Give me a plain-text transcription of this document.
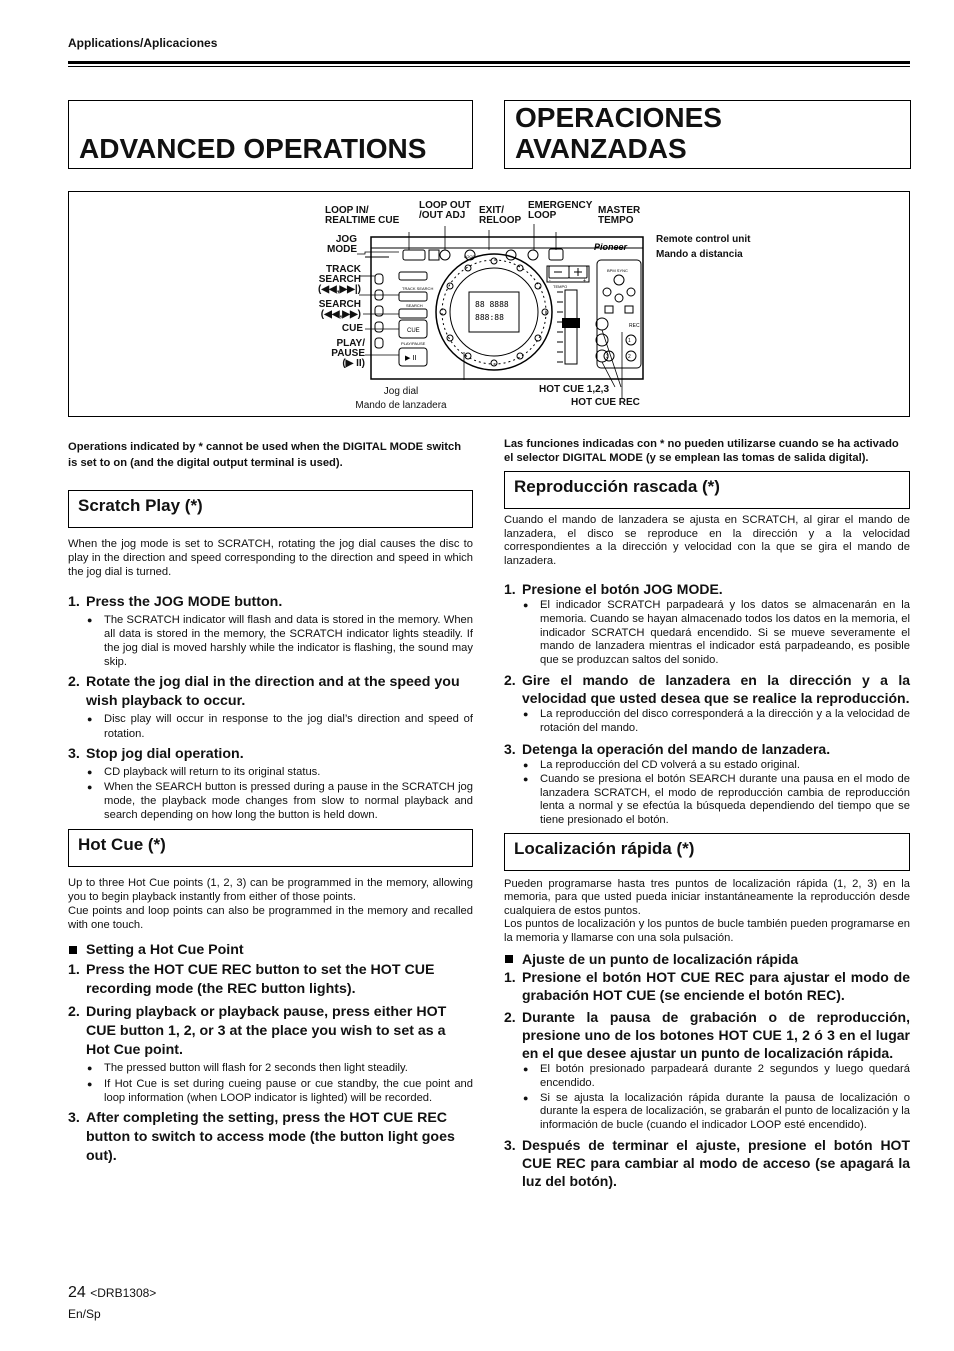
Applications/Aplicaciones
ADVANCED OPERATIONS
OPERACIONES
AVANZADAS
Pioneer
TRACK SEARCH
SEARCH
CUE
PLAY/PAUSE
▶ II
88 8888
888:88
TEMPO
-	+
REC
LOOP
BPM SYNC
1
2
3
LOOP IN/
REALTIME CUE
LOOP OUT
/OUT ADJ	EXIT/
RELOOP
EMERGENCY
LOOP	MASTER
TEMPO
JOG
MODE
TRACK
SEARCH
(◀◀,▶▶|)
SEARCH
(◀◀,▶▶)
CUE
PLAY/
PAUSE
(▶ II)
HOT CUE 1,2,3
HOT CUE REC
Remote control unit
Mando a distancia
Jog dial
Mando de lanzadera

Operations indicated by * cannot be used when the DIGITAL MODE switch is set to on (and the digital output terminal is used).

Scratch Play (*)

When the jog mode is set to SCRATCH, rotating the jog dial causes the disc to play in the direction and speed corresponding to the direction and speed in which the jog dial is turned.

1. Press the JOG MODE button.
● The SCRATCH indicator will flash and data is stored in the memory. When all data is stored in the memory, the SCRATCH indicator lights steadily. If the jog dial is moved harshly while the indicator is flashing, the sound may skip.
2. Rotate the jog dial in the direction and at the speed you wish playback to occur.
● Disc play will occur in response to the jog dial’s direction and speed of rotation.
3. Stop jog dial operation.
● CD playback will return to its original status.
● When the SEARCH button is pressed during a pause in the SCRATCH jog mode, the playback mode changes from slow to normal playback and search depending on how long the button is held down.
Hot Cue (*)

Up to three Hot Cue points (1, 2, 3) can be programmed in the memory, allowing you to begin playback instantly from either of those points.
Cue points and loop points can also be programmed in the memory and recalled with one touch.

Setting a Hot Cue Point
1. Press the HOT CUE REC button to set the HOT CUE recording mode (the REC button lights).
2. During playback or playback pause, press either HOT CUE button 1, 2, or 3 at the place you wish to set as a Hot Cue point.
● The pressed button will flash for 2 seconds then light steadily.
● If Hot Cue is set during cueing pause or cue standby, the cue point and loop information (when LOOP indicator is lighted) will be recorded.
3. After completing the setting, press the HOT CUE REC button to switch to access mode (the button light goes out).

Las funciones indicadas con * no pueden utilizarse cuando se ha activado el selector DIGITAL MODE (y se emplean las tomas de salida digital).

Reproducción rascada (*)

Cuando el mando de lanzadera se ajusta en SCRATCH, al girar el mando de lanzadera, el disco se reproduce en la dirección y a la velocidad correspondientes a la dirección y velocidad con la que se gira el mando de lanzadera.

1. Presione el botón JOG MODE.
● El indicador SCRATCH parpadeará y los datos se almacenarán en la memoria. Cuando se hayan almacenado todos los datos en la memoria, el indicador SCRATCH quedará encendido. Si se mueve severamente el mando de lanzadera mientras el indicador está parpadeando, es posible que se produzcan saltos del sonido.
2. Gire el mando de lanzadera en la dirección y a la velocidad que usted desea que se realice la reproducción.
● La reproducción del disco corresponderá a la dirección y a la velocidad de rotación del mando.
3. Detenga la operación del mando de lanzadera.
● La reproducción del CD volverá a su estado original.
● Cuando se presiona el botón SEARCH durante una pausa en el modo de lanzadera SCRATCH, el modo de reproducción cambia de reproducción lenta a normal y se efectúa la búsqueda dependiendo del tiempo que se tiene presionado el botón.
Localización rápida (*)

Pueden programarse hasta tres puntos de localización rápida (1, 2, 3) en la memoria, para que usted pueda iniciar instantáneamente la reproducción desde cualquiera de estos puntos.
Los puntos de localización y los puntos de bucle también pueden programarse en la memoria y llamarse con una sola pulsación.

Ajuste de un punto de localización rápida
1. Presione el botón HOT CUE REC para ajustar el modo de grabación HOT CUE (se enciende el botón REC).
2. Durante la pausa de grabación o de reproducción, presione uno de los botones HOT CUE 1, 2 ó 3 en el lugar en el que desee ajustar un punto de localización rápida.
● El botón presionado parpadeará durante 2 segundos y luego quedará encendido.
● Si se ajusta la localización rápida durante la pausa de localización o durante la espera de localización, se grabarán el punto de localización y la información de bucle (cuando el indicador LOOP esté encendido).
3. Después de terminar el ajuste, presione el botón HOT CUE REC para cambiar al modo de acceso (se apagará la luz del botón).
24 <DRB1308>
En/Sp
